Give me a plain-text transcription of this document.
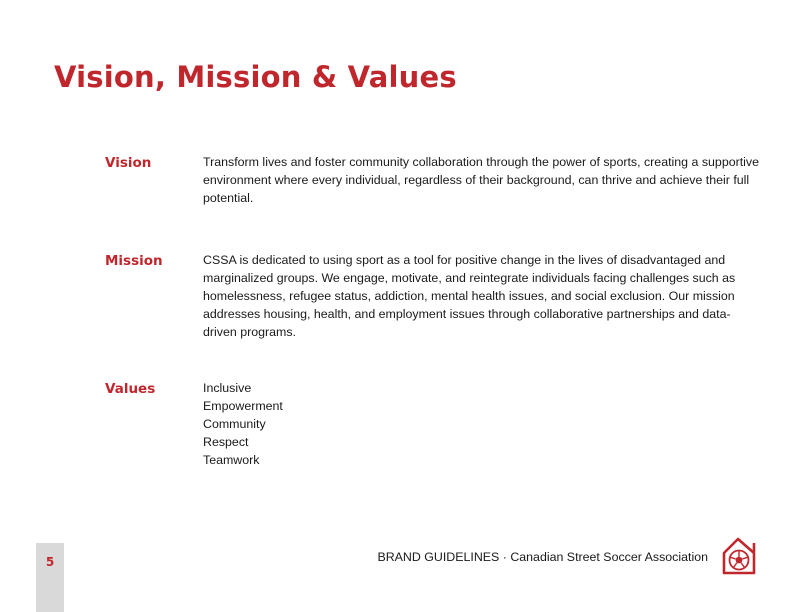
Vision, Mission & Values
Vision	Transform lives and foster community collaboration through the power of sports, creating a supportive environment where every individual, regardless of their background, can thrive and achieve their full potential.

Mission	CSSA is dedicated to using sport as a tool for positive change in the lives of disadvantaged and marginalized groups. We engage, motivate, and reintegrate individuals facing challenges such as homelessness, refugee status, addiction, mental health issues, and social exclusion. Our mission addresses housing, health, and employment issues through collaborative partnerships and data-driven programs.

Values	Inclusive
Empowerment
Community
Respect
Teamwork
5	BRAND GUIDELINES · Canadian Street Soccer Association
